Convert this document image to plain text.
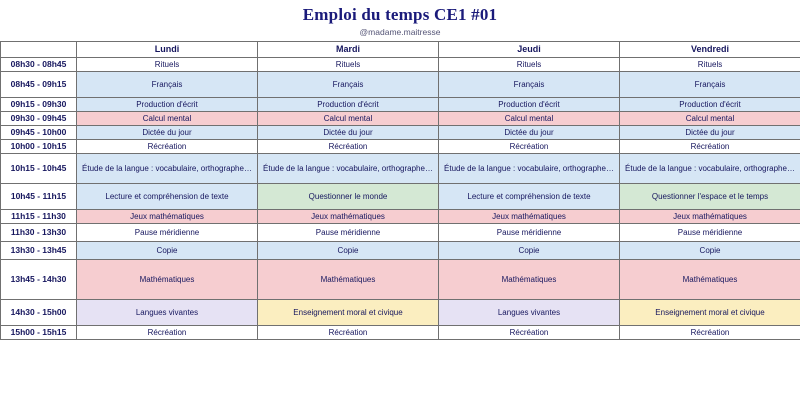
Emploi du temps CE1 #01
@madame.maitresse
	Lundi	Mardi	Jeudi	Vendredi
08h30 - 08h45	Rituels	Rituels	Rituels	Rituels
08h45 - 09h15	Français	Français	Français	Français
09h15 - 09h30	Production d'écrit	Production d'écrit	Production d'écrit	Production d'écrit
09h30 - 09h45	Calcul mental	Calcul mental	Calcul mental	Calcul mental
09h45 - 10h00	Dictée du jour	Dictée du jour	Dictée du jour	Dictée du jour
10h00 - 10h15	Récréation	Récréation	Récréation	Récréation
10h15 - 10h45	Étude de la langue : vocabulaire, orthographe…	Étude de la langue : vocabulaire, orthographe…	Étude de la langue : vocabulaire, orthographe…	Étude de la langue : vocabulaire, orthographe…
10h45 - 11h15	Lecture et compréhension de texte	Questionner le monde	Lecture et compréhension de texte	Questionner l'espace et le temps
11h15 - 11h30	Jeux mathématiques	Jeux mathématiques	Jeux mathématiques	Jeux mathématiques
11h30 - 13h30	Pause méridienne	Pause méridienne	Pause méridienne	Pause méridienne
13h30 - 13h45	Copie	Copie	Copie	Copie
13h45 - 14h30	Mathématiques	Mathématiques	Mathématiques	Mathématiques
14h30 - 15h00	Langues vivantes	Enseignement moral et civique	Langues vivantes	Enseignement moral et civique
15h00 - 15h15	Récréation	Récréation	Récréation	Récréation
